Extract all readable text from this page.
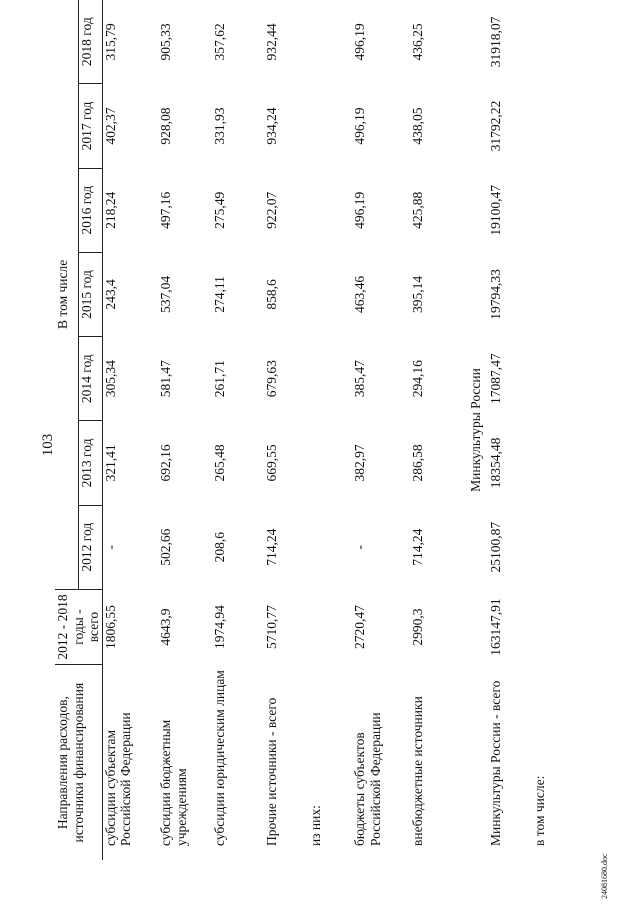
103
Направления расходов, источники финансирования	2012 - 2018 годы - всего	В том числе						
		2012 год	2013 год	2014 год	2015 год	2016 год	2017 год	2018 год
субсидии субъектам Российской Федерации	1806,55	-	321,41	305,34	243,4	218,24	402,37	315,79
субсидии бюджетным учреждениям	4643,9	502,66	692,16	581,47	537,04	497,16	928,08	905,33
субсидии юридическим лицам	1974,94	208,6	265,48	261,71	274,11	275,49	331,93	357,62
Прочие источники - всего	5710,77	714,24	669,55	679,63	858,6	922,07	934,24	932,44
из них:								
бюджеты субъектов Российской Федерации	2720,47	-	382,97	385,47	463,46	496,19	496,19	496,19
внебюджетные источники	2990,3	714,24	286,58	294,16	395,14	425,88	438,05	436,25
Минкультуры России								
Минкультуры России - всего	163147,91	25100,87	18354,48	17087,47	19794,33	19100,47	31792,22	31918,07
в том числе:								
24081680.doc
